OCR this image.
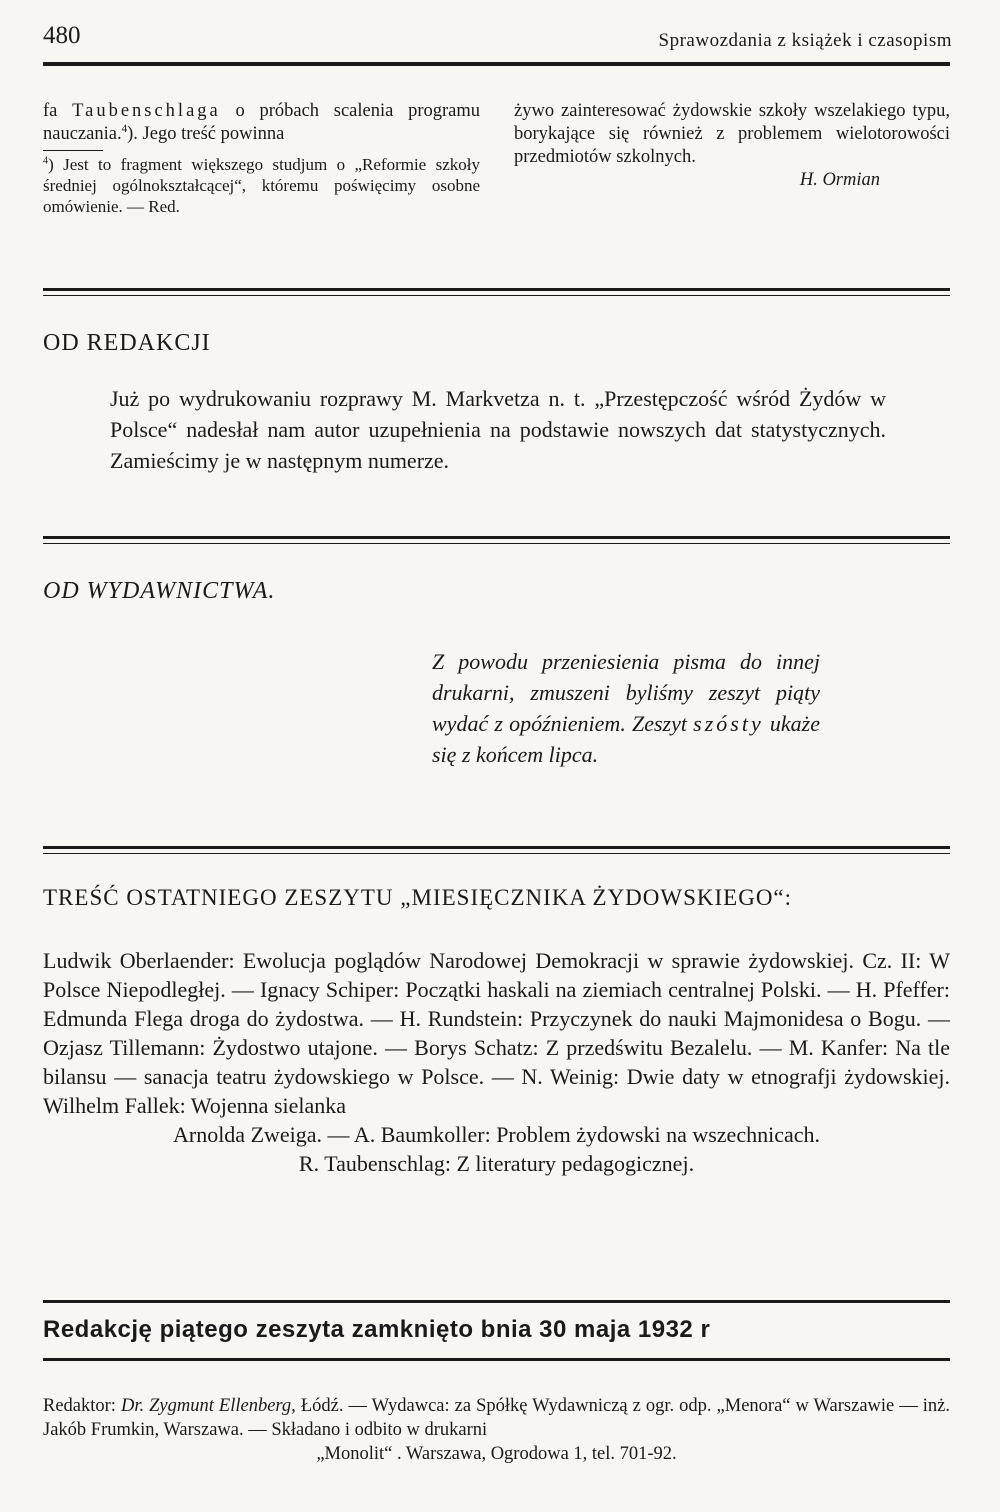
480	Sprawozdania z książek i czasopism

fa Taubenschlaga o próbach scalenia programu nauczania.$^4$). Jego treść powinna

$^4$) Jest to fragment większego studjum o „Reformie szkoły średniej ogólnokształcącej“, któremu poświęcimy osobne omówienie. — Red.

żywo zainteresować żydowskie szkoły wszelakiego typu, borykające się również z problemem wielotorowości przedmiotów szkolnych.

H. Ormian

OD REDAKCJI
Już po wydrukowaniu rozprawy M. Markvetza n. t. „Przestępczość wśród Żydów w Polsce“ nadesłał nam autor uzupełnienia na podstawie nowszych dat statystycznych. Zamieścimy je w następnym numerze.
OD WYDAWNICTWA.
Z powodu przeniesienia pisma do innej drukarni, zmuszeni byliśmy zeszyt piąty wydać z opóźnieniem. Zeszyt szósty ukaże się z końcem lipca.
TREŚĆ OSTATNIEGO ZESZYTU „MIESIĘCZNIKA ŻYDOWSKIEGO“:
Ludwik Oberlaender: Ewolucja poglądów Narodowej Demokracji w sprawie żydowskiej. Cz. II: W Polsce Niepodległej. — Ignacy Schiper: Początki haskali na ziemiach centralnej Polski. — H. Pfeffer: Edmunda Flega droga do żydostwa. — H. Rundstein: Przyczynek do nauki Majmonidesa o Bogu. — Ozjasz Tillemann: Żydostwo utajone. — Borys Schatz: Z przedświtu Bezalelu. — M. Kanfer: Na tle bilansu — sanacja teatru żydowskiego w Polsce. — N. Weinig: Dwie daty w etnografji żydowskiej. Wilhelm Fallek: Wojenna sielanka
Arnolda Zweiga. — A. Baumkoller: Problem żydowski na wszechnicach.
R. Taubenschlag: Z literatury pedagogicznej.
Redakcję piątego zeszyta zamknięto bnia 30 maja 1932 r
Redaktor: Dr. Zygmunt Ellenberg, Łódź. — Wydawca: za Spółkę Wydawniczą z ogr. odp. „Menora“ w Warszawie — inż. Jakób Frumkin, Warszawa. — Składano i odbito w drukarni
„Monolit“ . Warszawa, Ogrodowa 1, tel. 701-92.
